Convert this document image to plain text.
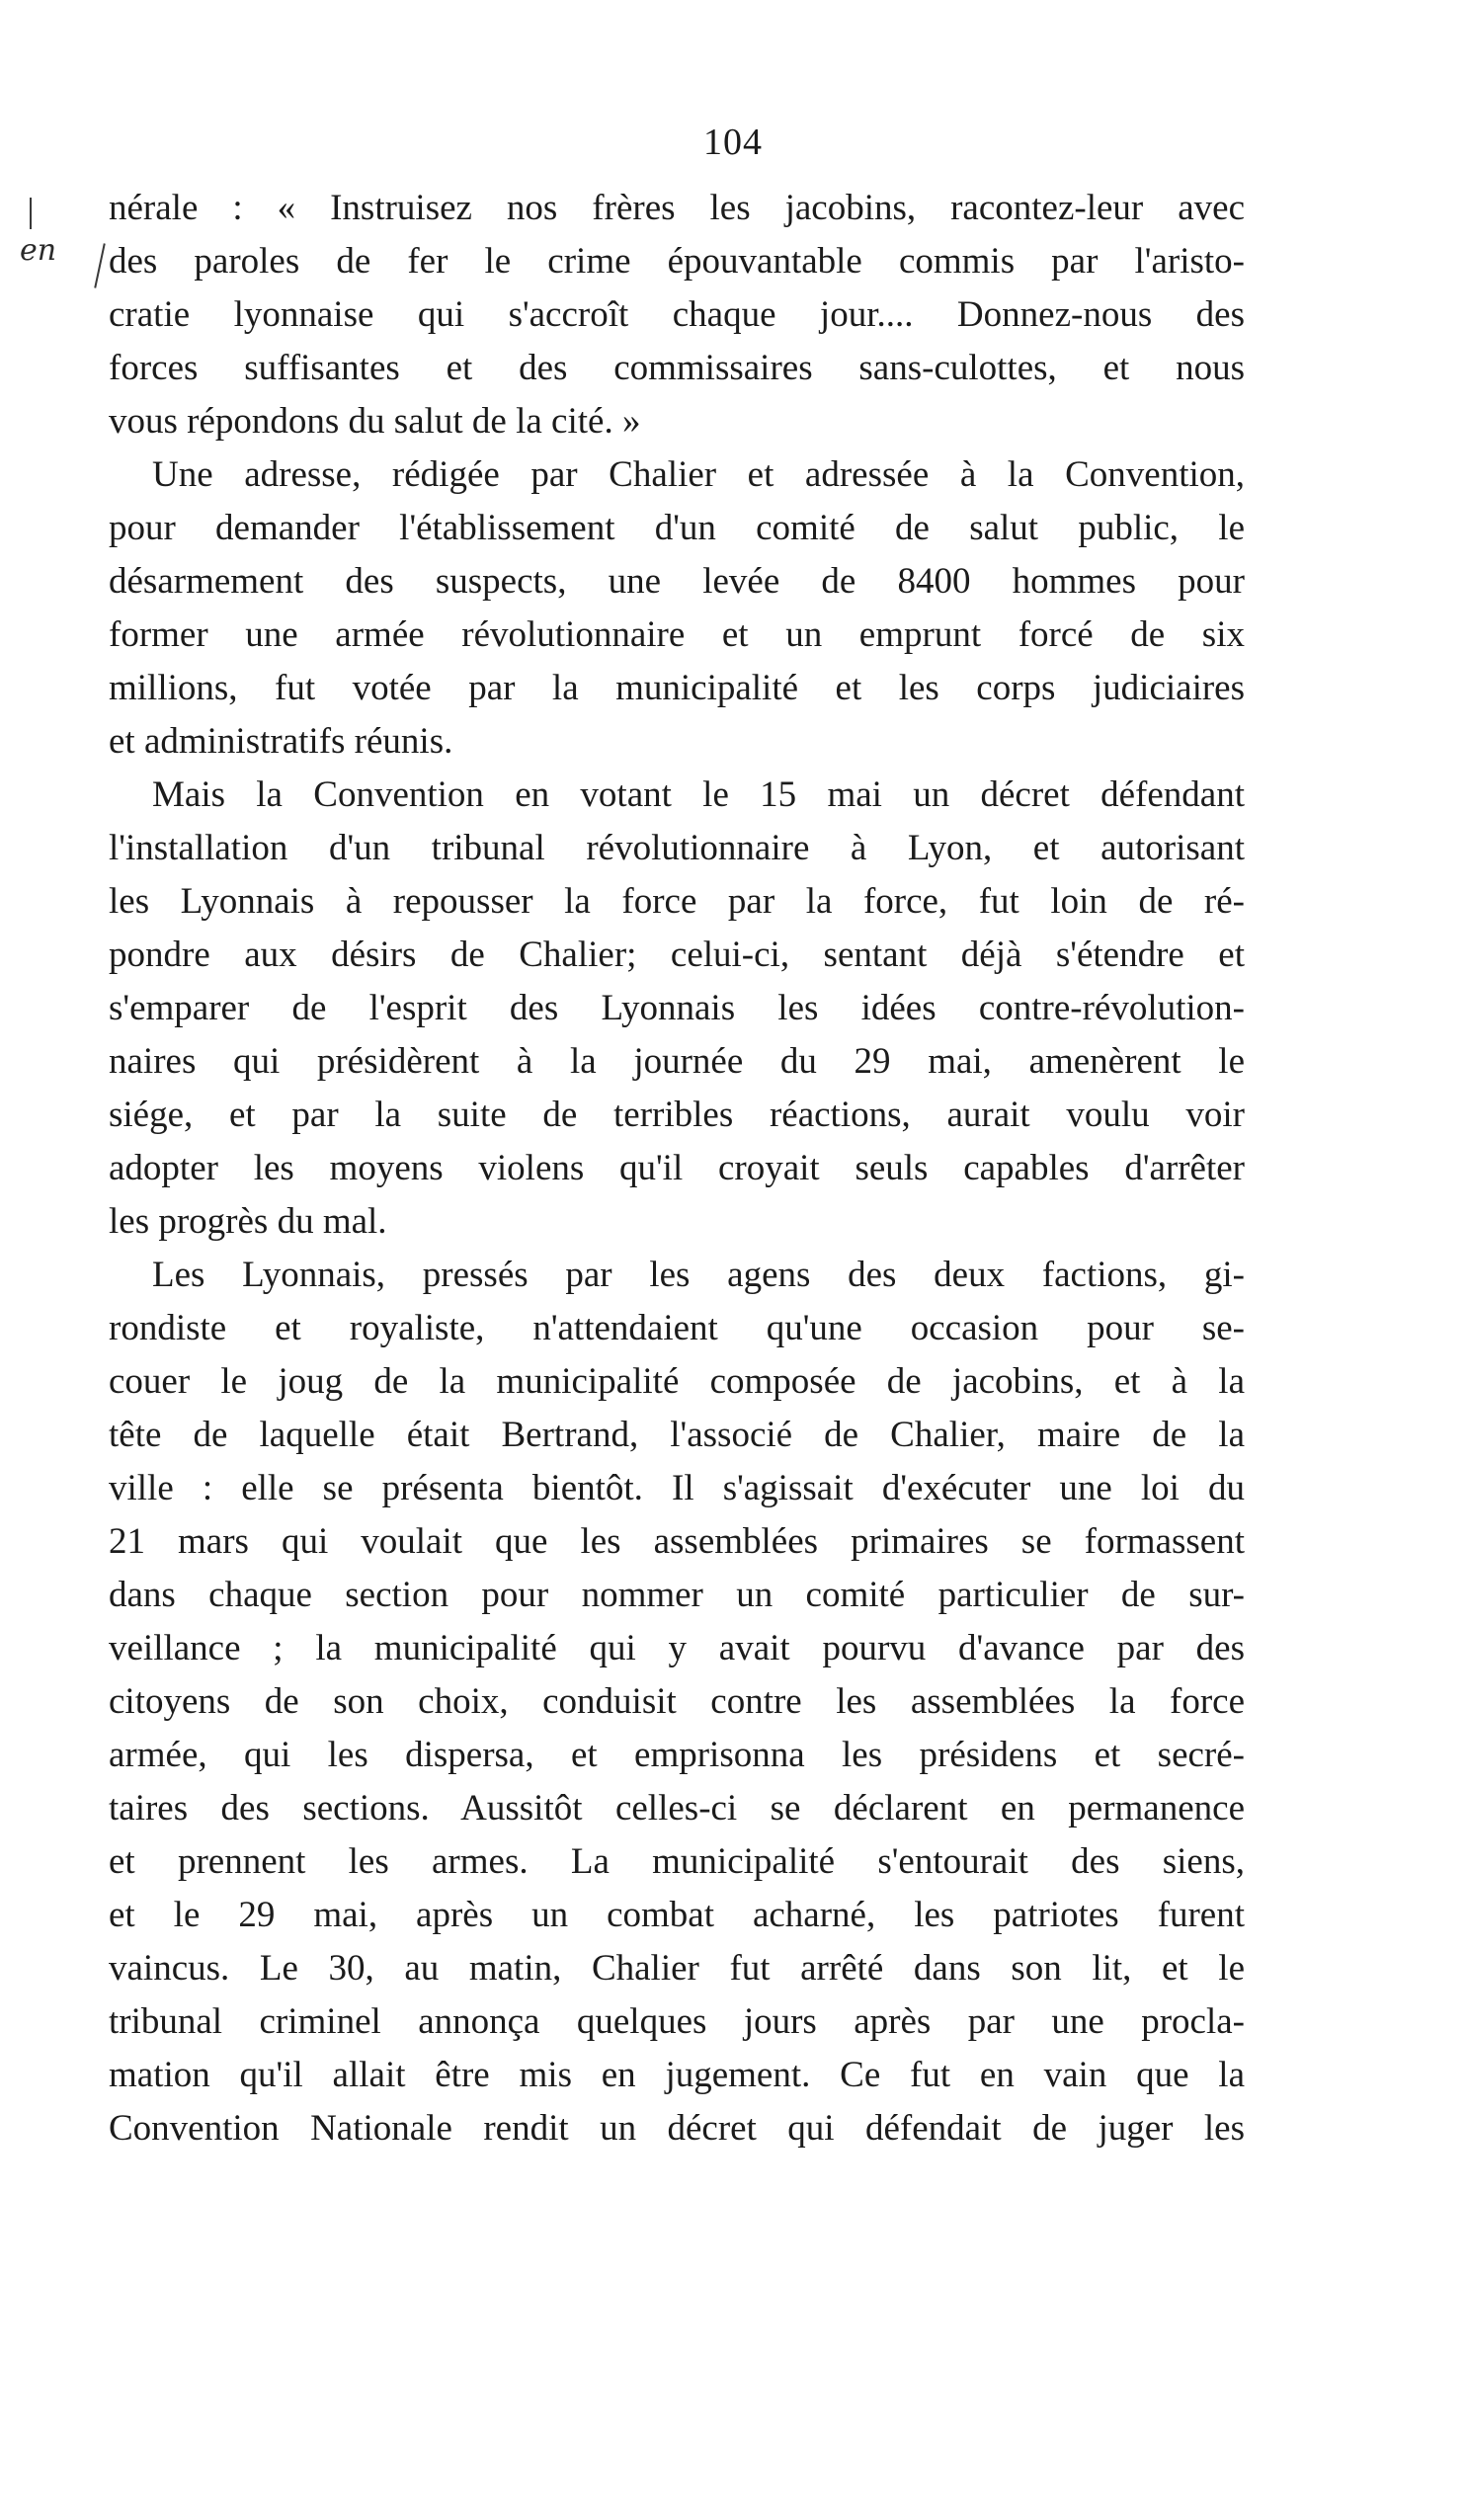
104
en
nérale : « Instruisez nos frères les jacobins, racontez-leur avec
des paroles de fer le crime épouvantable commis par l'aristo-
cratie lyonnaise qui s'accroît chaque jour.... Donnez-nous des
forces suffisantes et des commissaires sans-culottes, et nous
vous répondons du salut de la cité. »
Une adresse, rédigée par Chalier et adressée à la Convention,
pour demander l'établissement d'un comité de salut public, le
désarmement des suspects, une levée de 8400 hommes pour
former une armée révolutionnaire et un emprunt forcé de six
millions, fut votée par la municipalité et les corps judiciaires
et administratifs réunis.
Mais la Convention en votant le 15 mai un décret défendant
l'installation d'un tribunal révolutionnaire à Lyon, et autorisant
les Lyonnais à repousser la force par la force, fut loin de ré-
pondre aux désirs de Chalier; celui-ci, sentant déjà s'étendre et
s'emparer de l'esprit des Lyonnais les idées contre-révolution-
naires qui présidèrent à la journée du 29 mai, amenèrent le
siége, et par la suite de terribles réactions, aurait voulu voir
adopter les moyens violens qu'il croyait seuls capables d'arrêter
les progrès du mal.
Les Lyonnais, pressés par les agens des deux factions, gi-
rondiste et royaliste, n'attendaient qu'une occasion pour se-
couer le joug de la municipalité composée de jacobins, et à la
tête de laquelle était Bertrand, l'associé de Chalier, maire de la
ville : elle se présenta bientôt. Il s'agissait d'exécuter une loi du
21 mars qui voulait que les assemblées primaires se formassent
dans chaque section pour nommer un comité particulier de sur-
veillance ; la municipalité qui y avait pourvu d'avance par des
citoyens de son choix, conduisit contre les assemblées la force
armée, qui les dispersa, et emprisonna les présidens et secré-
taires des sections. Aussitôt celles-ci se déclarent en permanence
et prennent les armes. La municipalité s'entourait des siens,
et le 29 mai, après un combat acharné, les patriotes furent
vaincus. Le 30, au matin, Chalier fut arrêté dans son lit, et le
tribunal criminel annonça quelques jours après par une procla-
mation qu'il allait être mis en jugement. Ce fut en vain que la
Convention Nationale rendit un décret qui défendait de juger les
